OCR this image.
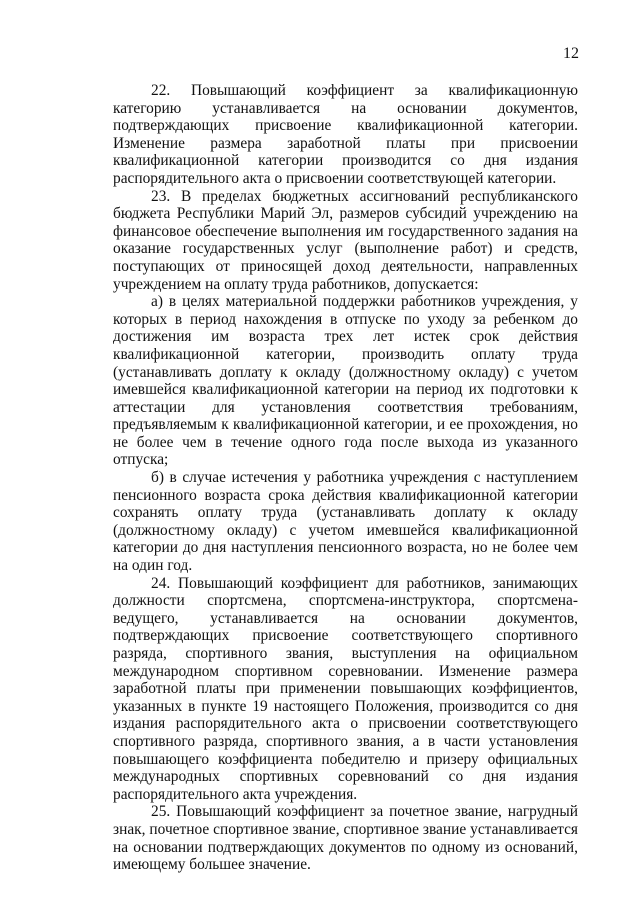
12

22. Повышающий коэффициент за квалификационную категорию устанавливается на основании документов, подтверждающих присвоение квалификационной категории. Изменение размера заработной платы при присвоении квалификационной категории производится со дня издания распорядительного акта о присвоении соответствующей категории.

23. В пределах бюджетных ассигнований республиканского бюджета Республики Марий Эл, размеров субсидий учреждению на финансовое обеспечение выполнения им государственного задания на оказание государственных услуг (выполнение работ) и средств, поступающих от приносящей доход деятельности, направленных учреждением на оплату труда работников, допускается:

а) в целях материальной поддержки работников учреждения, у которых в период нахождения в отпуске по уходу за ребенком до достижения им возраста трех лет истек срок действия квалификационной категории, производить оплату труда (устанавливать доплату к окладу (должностному окладу) с учетом имевшейся квалификационной категории на период их подготовки к аттестации для установления соответствия требованиям, предъявляемым к квалификационной категории, и ее прохождения, но не более чем в течение одного года после выхода из указанного отпуска;

б) в случае истечения у работника учреждения с наступлением пенсионного возраста срока действия квалификационной категории сохранять оплату труда (устанавливать доплату к окладу (должностному окладу) с учетом имевшейся квалификационной категории до дня наступления пенсионного возраста, но не более чем на один год.

24. Повышающий коэффициент для работников, занимающих должности спортсмена, спортсмена-инструктора, спортсмена-ведущего, устанавливается на основании документов, подтверждающих присвоение соответствующего спортивного разряда, спортивного звания, выступления на официальном международном спортивном соревновании. Изменение размера заработной платы при применении повышающих коэффициентов, указанных в пункте 19 настоящего Положения, производится со дня издания распорядительного акта о присвоении соответствующего спортивного разряда, спортивного звания, а в части установления повышающего коэффициента победителю и призеру официальных международных спортивных соревнований со дня издания распорядительного акта учреждения.

25. Повышающий коэффициент за почетное звание, нагрудный знак, почетное спортивное звание, спортивное звание устанавливается на основании подтверждающих документов по одному из оснований, имеющему большее значение.
